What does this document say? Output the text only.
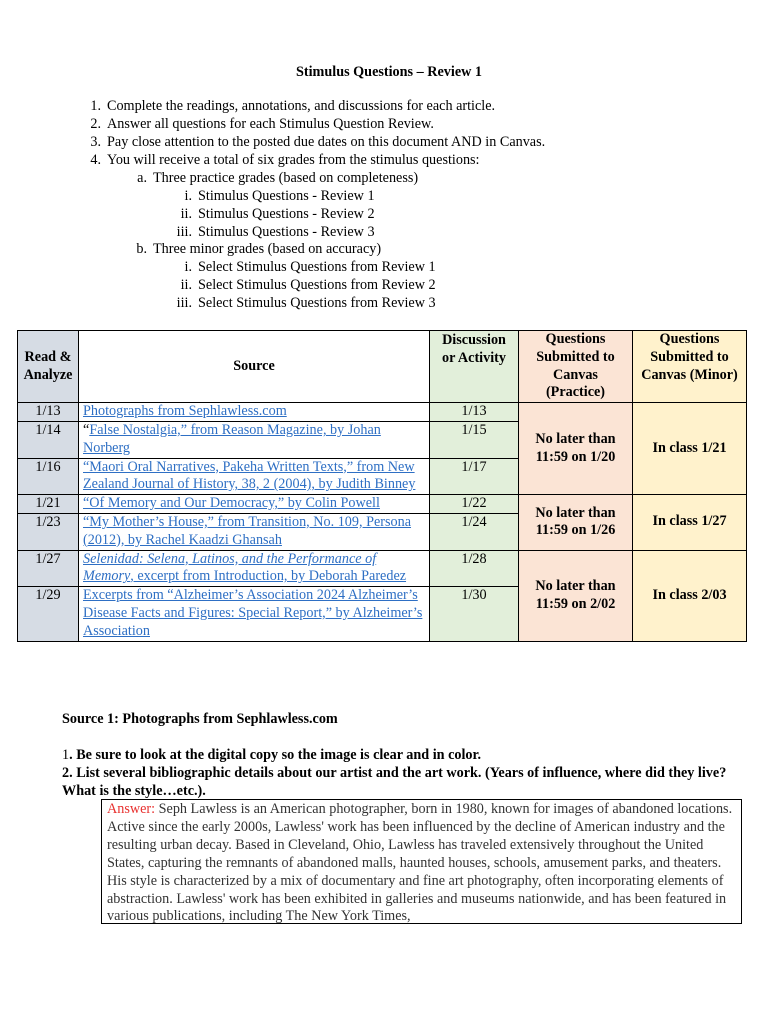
Stimulus Questions – Review 1
1. Complete the readings, annotations, and discussions for each article.
2. Answer all questions for each Stimulus Question Review.
3. Pay close attention to the posted due dates on this document AND in Canvas.
4. You will receive a total of six grades from the stimulus questions:
a. Three practice grades (based on completeness)
i. Stimulus Questions - Review 1
ii. Stimulus Questions - Review 2
iii. Stimulus Questions - Review 3
b. Three minor grades (based on accuracy)
i. Select Stimulus Questions from Review 1
ii. Select Stimulus Questions from Review 2
iii. Select Stimulus Questions from Review 3
Read & Analyze	Source	Discussion or Activity	Questions Submitted to Canvas (Practice)	Questions Submitted to Canvas (Minor)
1/13	Photographs from Sephlawless.com	1/13	No later than 11:59 on 1/20	In class 1/21
1/14	“False Nostalgia,” from Reason Magazine, by Johan Norberg	1/15		
1/16	“Maori Oral Narratives, Pakeha Written Texts,” from New Zealand Journal of History, 38, 2 (2004), by Judith Binney	1/17		
1/21	“Of Memory and Our Democracy,” by Colin Powell	1/22	No later than 11:59 on 1/26	In class 1/27
1/23	“My Mother’s House,” from Transition, No. 109, Persona (2012), by Rachel Kaadzi Ghansah	1/24		
1/27	Selenidad: Selena, Latinos, and the Performance of Memory, excerpt from Introduction, by Deborah Paredez	1/28	No later than 11:59 on 2/02	In class 2/03
1/29	Excerpts from “Alzheimer’s Association 2024 Alzheimer’s Disease Facts and Figures: Special Report,” by Alzheimer’s Association	1/30		
Source 1: Photographs from Sephlawless.com
1. Be sure to look at the digital copy so the image is clear and in color.
2. List several bibliographic details about our artist and the art work. (Years of influence, where did they live? What is the style…etc.).
Answer: Seph Lawless is an American photographer, born in 1980, known for images of abandoned locations. Active since the early 2000s, Lawless' work has been influenced by the decline of American industry and the resulting urban decay. Based in Cleveland, Ohio, Lawless has traveled extensively throughout the United States, capturing the remnants of abandoned malls, haunted houses, schools, amusement parks, and theaters. His style is characterized by a mix of documentary and fine art photography, often incorporating elements of abstraction. Lawless' work has been exhibited in galleries and museums nationwide, and has been featured in various publications, including The New York Times,
